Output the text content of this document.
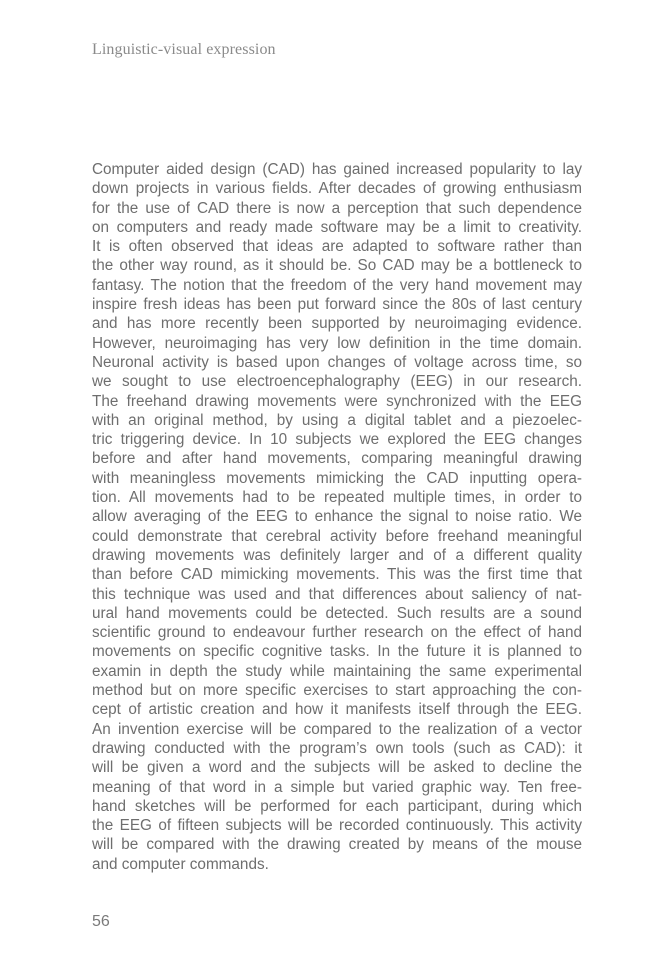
Linguistic-visual expression
Computer aided design (CAD) has gained increased popularity to lay
down projects in various fields. After decades of growing enthusiasm
for the use of CAD there is now a perception that such dependence
on computers and ready made software may be a limit to creativity.
It is often observed that ideas are adapted to software rather than
the other way round, as it should be. So CAD may be a bottleneck to
fantasy. The notion that the freedom of the very hand movement may
inspire fresh ideas has been put forward since the 80s of last century
and has more recently been supported by neuroimaging evidence.
However, neuroimaging has very low definition in the time domain.
Neuronal activity is based upon changes of voltage across time, so
we sought to use electroencephalography (EEG) in our research.
The freehand drawing movements were synchronized with the EEG
with an original method, by using a digital tablet and a piezoelec-
tric triggering device. In 10 subjects we explored the EEG changes
before and after hand movements, comparing meaningful drawing
with meaningless movements mimicking the CAD inputting opera-
tion. All movements had to be repeated multiple times, in order to
allow averaging of the EEG to enhance the signal to noise ratio. We
could demonstrate that cerebral activity before freehand meaningful
drawing movements was definitely larger and of a different quality
than before CAD mimicking movements. This was the first time that
this technique was used and that differences about saliency of nat-
ural hand movements could be detected. Such results are a sound
scientific ground to endeavour further research on the effect of hand
movements on specific cognitive tasks. In the future it is planned to
examin in depth the study while maintaining the same experimental
method but on more specific exercises to start approaching the con-
cept of artistic creation and how it manifests itself through the EEG.
An invention exercise will be compared to the realization of a vector
drawing conducted with the program’s own tools (such as CAD): it
will be given a word and the subjects will be asked to decline the
meaning of that word in a simple but varied graphic way. Ten free-
hand sketches will be performed for each participant, during which
the EEG of fifteen subjects will be recorded continuously. This activity
will be compared with the drawing created by means of the mouse
and computer commands.
56
